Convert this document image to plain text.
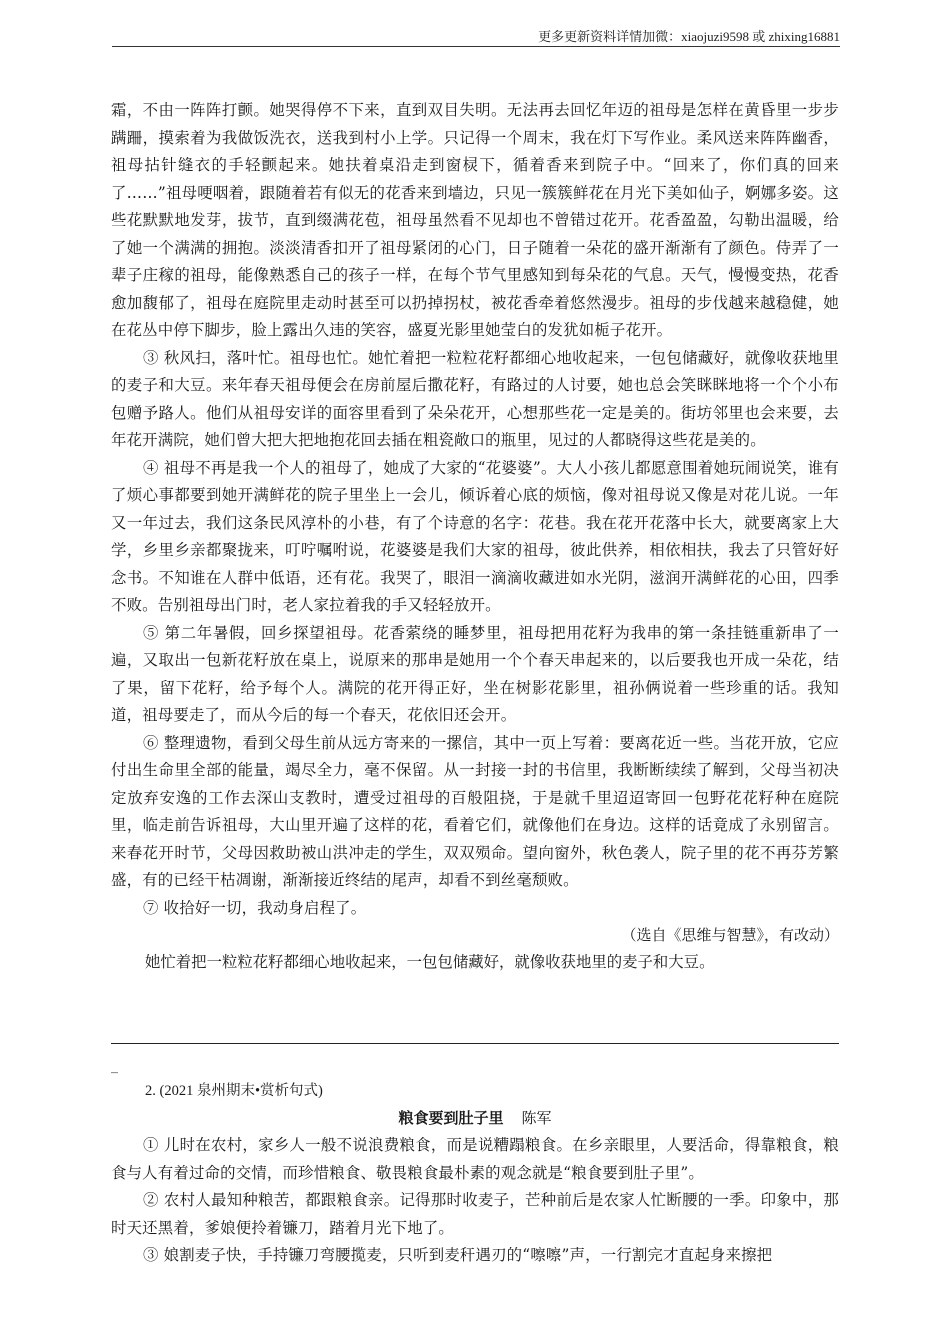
更多更新资料详情加微：xiaojuzi9598 或 zhixing16881

霜，不由一阵阵打颤。她哭得停不下来，直到双目失明。无法再去回忆年迈的祖母是怎样在黄昏里一步步蹒跚，摸索着为我做饭洗衣，送我到村小上学。只记得一个周末，我在灯下写作业。柔风送来阵阵幽香，祖母拈针缝衣的手轻颤起来。她扶着桌沿走到窗棂下，循着香来到院子中。“回来了，你们真的回来了……”祖母哽咽着，跟随着若有似无的花香来到墙边，只见一簇簇鲜花在月光下美如仙子，婀娜多姿。这些花默默地发芽，拔节，直到缀满花苞，祖母虽然看不见却也不曾错过花开。花香盈盈，勾勒出温暖，给了她一个满满的拥抱。淡淡清香扣开了祖母紧闭的心门，日子随着一朵花的盛开渐渐有了颜色。侍弄了一辈子庄稼的祖母，能像熟悉自己的孩子一样，在每个节气里感知到每朵花的气息。天气，慢慢变热，花香愈加馥郁了，祖母在庭院里走动时甚至可以扔掉拐杖，被花香牵着悠然漫步。祖母的步伐越来越稳健，她在花丛中停下脚步，脸上露出久违的笑容，盛夏光影里她莹白的发犹如栀子花开。

③ 秋风扫，落叶忙。祖母也忙。她忙着把一粒粒花籽都细心地收起来，一包包储藏好，就像收获地里的麦子和大豆。来年春天祖母便会在房前屋后撒花籽，有路过的人讨要，她也总会笑眯眯地将一个个小布包赠予路人。他们从祖母安详的面容里看到了朵朵花开，心想那些花一定是美的。街坊邻里也会来要，去年花开满院，她们曾大把大把地抱花回去插在粗瓷敞口的瓶里，见过的人都晓得这些花是美的。

④ 祖母不再是我一个人的祖母了，她成了大家的“花婆婆”。大人小孩儿都愿意围着她玩闹说笑，谁有了烦心事都要到她开满鲜花的院子里坐上一会儿，倾诉着心底的烦恼，像对祖母说又像是对花儿说。一年又一年过去，我们这条民风淳朴的小巷，有了个诗意的名字：花巷。我在花开花落中长大，就要离家上大学，乡里乡亲都聚拢来，叮咛嘱咐说，花婆婆是我们大家的祖母，彼此供养，相依相扶，我去了只管好好念书。不知谁在人群中低语，还有花。我哭了，眼泪一滴滴收藏进如水光阴，滋润开满鲜花的心田，四季不败。告别祖母出门时，老人家拉着我的手又轻轻放开。

⑤ 第二年暑假，回乡探望祖母。花香萦绕的睡梦里，祖母把用花籽为我串的第一条挂链重新串了一遍，又取出一包新花籽放在桌上，说原来的那串是她用一个个春天串起来的，以后要我也开成一朵花，结了果，留下花籽，给予每个人。满院的花开得正好，坐在树影花影里，祖孙俩说着一些珍重的话。我知道，祖母要走了，而从今后的每一个春天，花依旧还会开。

⑥ 整理遗物，看到父母生前从远方寄来的一摞信，其中一页上写着：要离花近一些。当花开放，它应付出生命里全部的能量，竭尽全力，毫不保留。从一封接一封的书信里，我断断续续了解到，父母当初决定放弃安逸的工作去深山支教时，遭受过祖母的百般阻挠，于是就千里迢迢寄回一包野花花籽种在庭院里，临走前告诉祖母，大山里开遍了这样的花，看着它们，就像他们在身边。这样的话竟成了永别留言。来春花开时节，父母因救助被山洪冲走的学生，双双殒命。望向窗外，秋色袭人，院子里的花不再芬芳繁盛，有的已经干枯凋谢，渐渐接近终结的尾声，却看不到丝毫颓败。

⑦ 收拾好一切，我动身启程了。

（选自《思维与智慧》，有改动）

她忙着把一粒粒花籽都细心地收起来，一包包储藏好，就像收获地里的麦子和大豆。

_

2. (2021 泉州期末•赏析句式)

粮食要到肚子里 陈军

① 儿时在农村，家乡人一般不说浪费粮食，而是说糟蹋粮食。在乡亲眼里，人要活命，得靠粮食，粮食与人有着过命的交情，而珍惜粮食、敬畏粮食最朴素的观念就是“粮食要到肚子里”。

② 农村人最知种粮苦，都跟粮食亲。记得那时收麦子，芒种前后是农家人忙断腰的一季。印象中，那时天还黑着，爹娘便拎着镰刀，踏着月光下地了。

③ 娘割麦子快，手持镰刀弯腰揽麦，只听到麦秆遇刃的“嚓嚓”声，一行割完才直起身来擦把
